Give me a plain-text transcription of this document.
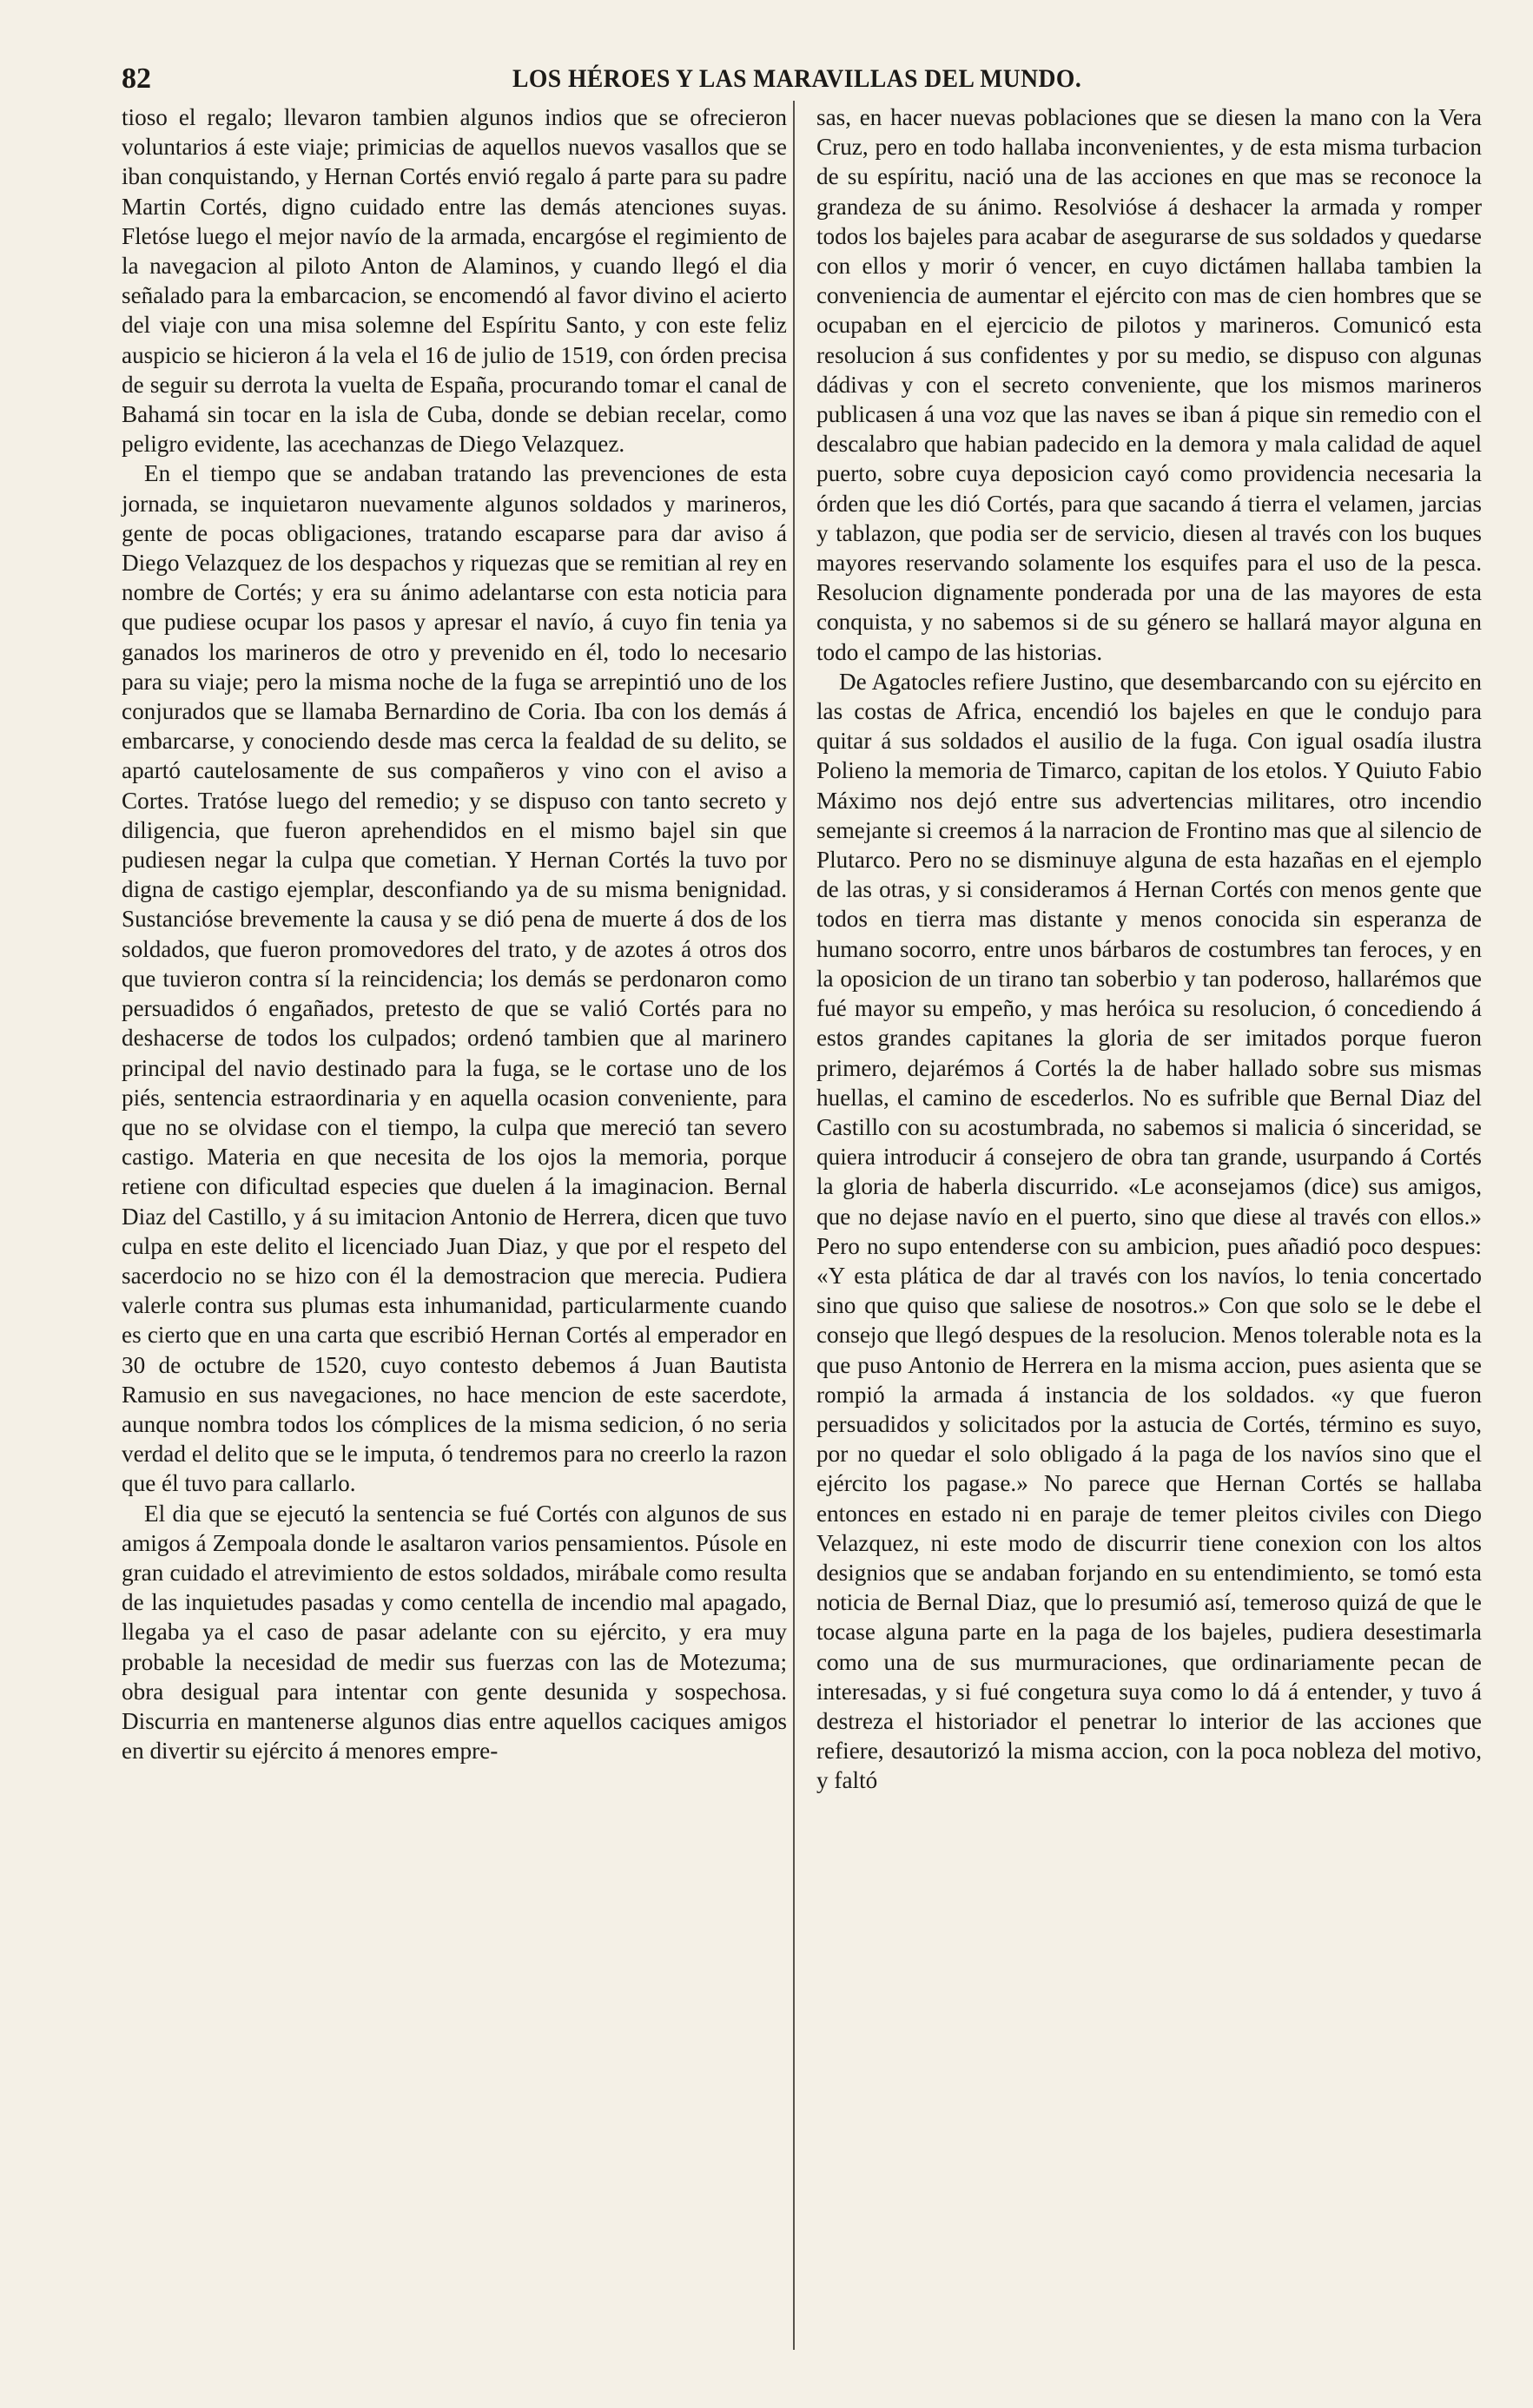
82	LOS HÉROES Y LAS MARAVILLAS DEL MUNDO.

tioso el regalo; llevaron tambien algunos indios que se ofrecieron voluntarios á este viaje; primicias de aquellos nuevos vasallos que se iban conquistando, y Hernan Cortés envió regalo á parte para su padre Martin Cortés, digno cuidado entre las demás atenciones suyas. Fletóse luego el mejor navío de la armada, encargóse el regimiento de la navegacion al piloto Anton de Alaminos, y cuando llegó el dia señalado para la embarcacion, se encomendó al favor divino el acierto del viaje con una misa solemne del Espíritu Santo, y con este feliz auspicio se hicieron á la vela el 16 de julio de 1519, con órden precisa de seguir su derrota la vuelta de España, procurando tomar el canal de Bahamá sin tocar en la isla de Cuba, donde se debian recelar, como peligro evidente, las acechanzas de Diego Velazquez.

En el tiempo que se andaban tratando las prevenciones de esta jornada, se inquietaron nuevamente algunos soldados y marineros, gente de pocas obligaciones, tratando escaparse para dar aviso á Diego Velazquez de los despachos y riquezas que se remitian al rey en nombre de Cortés; y era su ánimo adelantarse con esta noticia para que pudiese ocupar los pasos y apresar el navío, á cuyo fin tenia ya ganados los marineros de otro y prevenido en él, todo lo necesario para su viaje; pero la misma noche de la fuga se arrepintió uno de los conjurados que se llamaba Bernardino de Coria. Iba con los demás á embarcarse, y conociendo desde mas cerca la fealdad de su delito, se apartó cautelosamente de sus compañeros y vino con el aviso a Cortes. Tratóse luego del remedio; y se dispuso con tanto secreto y diligencia, que fueron aprehendidos en el mismo bajel sin que pudiesen negar la culpa que cometian. Y Hernan Cortés la tuvo por digna de castigo ejemplar, desconfiando ya de su misma benignidad. Sustancióse brevemente la causa y se dió pena de muerte á dos de los soldados, que fueron promovedores del trato, y de azotes á otros dos que tuvieron contra sí la reincidencia; los demás se perdonaron como persuadidos ó engañados, pretesto de que se valió Cortés para no deshacerse de todos los culpados; ordenó tambien que al marinero principal del navio destinado para la fuga, se le cortase uno de los piés, sentencia estraordinaria y en aquella ocasion conveniente, para que no se olvidase con el tiempo, la culpa que mereció tan severo castigo. Materia en que necesita de los ojos la memoria, porque retiene con dificultad especies que duelen á la imaginacion. Bernal Diaz del Castillo, y á su imitacion Antonio de Herrera, dicen que tuvo culpa en este delito el licenciado Juan Diaz, y que por el respeto del sacerdocio no se hizo con él la demostracion que merecia. Pudiera valerle contra sus plumas esta inhumanidad, particularmente cuando es cierto que en una carta que escribió Hernan Cortés al emperador en 30 de octubre de 1520, cuyo contesto debemos á Juan Bautista Ramusio en sus navegaciones, no hace mencion de este sacerdote, aunque nombra todos los cómplices de la misma sedicion, ó no seria verdad el delito que se le imputa, ó tendremos para no creerlo la razon que él tuvo para callarlo.

El dia que se ejecutó la sentencia se fué Cortés con algunos de sus amigos á Zempoala donde le asaltaron varios pensamientos. Púsole en gran cuidado el atrevimiento de estos soldados, mirábale como resulta de las inquietudes pasadas y como centella de incendio mal apagado, llegaba ya el caso de pasar adelante con su ejército, y era muy probable la necesidad de medir sus fuerzas con las de Motezuma; obra desigual para intentar con gente desunida y sospechosa. Discurria en mantenerse algunos dias entre aquellos caciques amigos en divertir su ejército á menores empre-

sas, en hacer nuevas poblaciones que se diesen la mano con la Vera Cruz, pero en todo hallaba inconvenientes, y de esta misma turbacion de su espíritu, nació una de las acciones en que mas se reconoce la grandeza de su ánimo. Resolvióse á deshacer la armada y romper todos los bajeles para acabar de asegurarse de sus soldados y quedarse con ellos y morir ó vencer, en cuyo dictámen hallaba tambien la conveniencia de aumentar el ejército con mas de cien hombres que se ocupaban en el ejercicio de pilotos y marineros. Comunicó esta resolucion á sus confidentes y por su medio, se dispuso con algunas dádivas y con el secreto conveniente, que los mismos marineros publicasen á una voz que las naves se iban á pique sin remedio con el descalabro que habian padecido en la demora y mala calidad de aquel puerto, sobre cuya deposicion cayó como providencia necesaria la órden que les dió Cortés, para que sacando á tierra el velamen, jarcias y tablazon, que podia ser de servicio, diesen al través con los buques mayores reservando solamente los esquifes para el uso de la pesca. Resolucion dignamente ponderada por una de las mayores de esta conquista, y no sabemos si de su género se hallará mayor alguna en todo el campo de las historias.

De Agatocles refiere Justino, que desembarcando con su ejército en las costas de Africa, encendió los bajeles en que le condujo para quitar á sus soldados el ausilio de la fuga. Con igual osadía ilustra Polieno la memoria de Timarco, capitan de los etolos. Y Quiuto Fabio Máximo nos dejó entre sus advertencias militares, otro incendio semejante si creemos á la narracion de Frontino mas que al silencio de Plutarco. Pero no se disminuye alguna de esta hazañas en el ejemplo de las otras, y si consideramos á Hernan Cortés con menos gente que todos en tierra mas distante y menos conocida sin esperanza de humano socorro, entre unos bárbaros de costumbres tan feroces, y en la oposicion de un tirano tan soberbio y tan poderoso, hallarémos que fué mayor su empeño, y mas heróica su resolucion, ó concediendo á estos grandes capitanes la gloria de ser imitados porque fueron primero, dejarémos á Cortés la de haber hallado sobre sus mismas huellas, el camino de escederlos. No es sufrible que Bernal Diaz del Castillo con su acostumbrada, no sabemos si malicia ó sinceridad, se quiera introducir á consejero de obra tan grande, usurpando á Cortés la gloria de haberla discurrido. «Le aconsejamos (dice) sus amigos, que no dejase navío en el puerto, sino que diese al través con ellos.» Pero no supo entenderse con su ambicion, pues añadió poco despues: «Y esta plática de dar al través con los navíos, lo tenia concertado sino que quiso que saliese de nosotros.» Con que solo se le debe el consejo que llegó despues de la resolucion. Menos tolerable nota es la que puso Antonio de Herrera en la misma accion, pues asienta que se rompió la armada á instancia de los soldados. «y que fueron persuadidos y solicitados por la astucia de Cortés, término es suyo, por no quedar el solo obligado á la paga de los navíos sino que el ejército los pagase.» No parece que Hernan Cortés se hallaba entonces en estado ni en paraje de temer pleitos civiles con Diego Velazquez, ni este modo de discurrir tiene conexion con los altos designios que se andaban forjando en su entendimiento, se tomó esta noticia de Bernal Diaz, que lo presumió así, temeroso quizá de que le tocase alguna parte en la paga de los bajeles, pudiera desestimarla como una de sus murmuraciones, que ordinariamente pecan de interesadas, y si fué congetura suya como lo dá á entender, y tuvo á destreza el historiador el penetrar lo interior de las acciones que refiere, desautorizó la misma accion, con la poca nobleza del motivo, y faltó
